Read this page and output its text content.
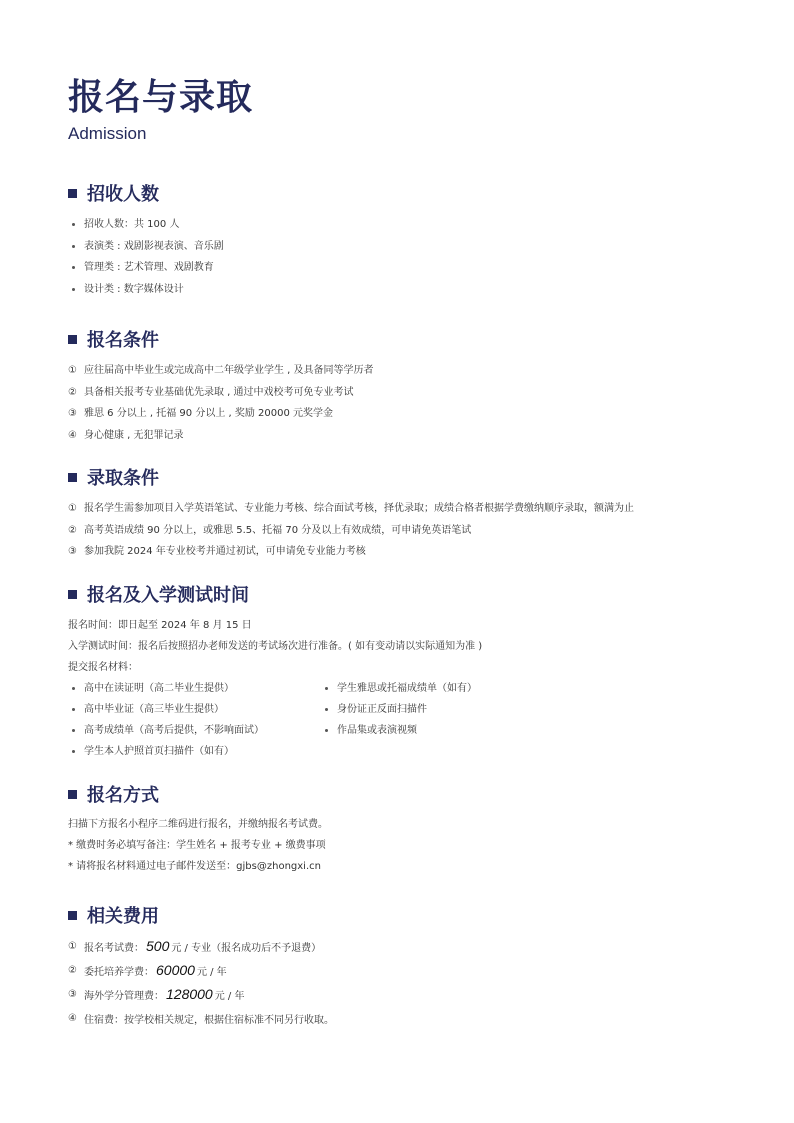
报名与录取
Admission
招收人数
招收人数：共 100 人
表演类 : 戏剧影视表演、音乐剧
管理类 : 艺术管理、戏剧教育
设计类 : 数字媒体设计
报名条件
① 应往届高中毕业生或完成高中二年级学业学生 , 及具备同等学历者
② 具备相关报考专业基础优先录取 , 通过中戏校考可免专业考试
③ 雅思 6 分以上 , 托福 90 分以上 , 奖励 20000 元奖学金
④ 身心健康 , 无犯罪记录
录取条件
① 报名学生需参加项目入学英语笔试、专业能力考核、综合面试考核，择优录取；成绩合格者根据学费缴纳顺序录取，额满为止
② 高考英语成绩 90 分以上，或雅思 5.5、托福 70 分及以上有效成绩，可申请免英语笔试
③ 参加我院 2024 年专业校考并通过初试，可申请免专业能力考核
报名及入学测试时间

报名时间：即日起至 2024 年 8 月 15 日

入学测试时间：报名后按照招办老师发送的考试场次进行准备。( 如有变动请以实际通知为准 )

提交报名材料：

高中在读证明（高二毕业生提供）	学生雅思或托福成绩单（如有）
高中毕业证（高三毕业生提供）	身份证正反面扫描件
高考成绩单（高考后提供，不影响面试）	作品集或表演视频
学生本人护照首页扫描件（如有）
报名方式

扫描下方报名小程序二维码进行报名，并缴纳报名考试费。

* 缴费时务必填写备注：学生姓名 + 报考专业 + 缴费事项

* 请将报名材料通过电子邮件发送至：gjbs@zhongxi.cn

相关费用
① 报名考试费： 500 元 / 专业（报名成功后不予退费）
② 委托培养学费： 60000 元 / 年
③ 海外学分管理费： 128000 元 / 年
④ 住宿费：按学校相关规定，根据住宿标准不同另行收取。
